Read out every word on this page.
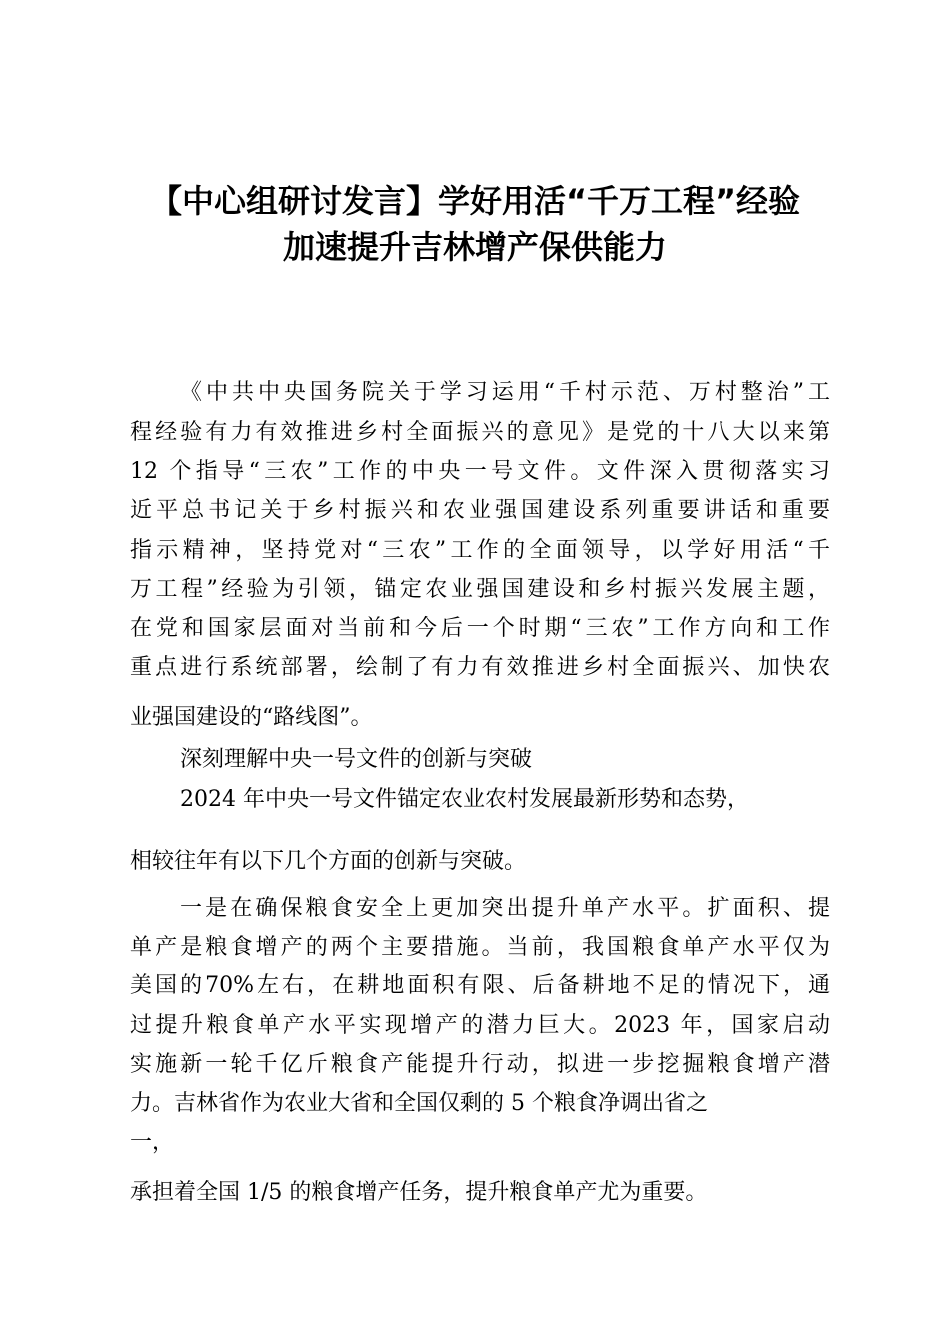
【中心组研讨发言】学好用活“千万工程”经验
加速提升吉林增产保供能力
《中共中央国务院关于学习运用“千村示范、万村整治”工
程经验有力有效推进乡村全面振兴的意见》是党的十八大以来第
12 个指导“三农”工作的中央一号文件。文件深入贯彻落实习
近平总书记关于乡村振兴和农业强国建设系列重要讲话和重要
指示精神，坚持党对“三农”工作的全面领导，以学好用活“千
万工程”经验为引领，锚定农业强国建设和乡村振兴发展主题，
在党和国家层面对当前和今后一个时期“三农”工作方向和工作
重点进行系统部署，绘制了有力有效推进乡村全面振兴、加快农
业强国建设的“路线图”。
深刻理解中央一号文件的创新与突破
2024 年中央一号文件锚定农业农村发展最新形势和态势，
相较往年有以下几个方面的创新与突破。
一是在确保粮食安全上更加突出提升单产水平。扩面积、提
单产是粮食增产的两个主要措施。当前，我国粮食单产水平仅为
美国的70%左右，在耕地面积有限、后备耕地不足的情况下，通
过提升粮食单产水平实现增产的潜力巨大。2023 年，国家启动
实施新一轮千亿斤粮食产能提升行动，拟进一步挖掘粮食增产潜
力。吉林省作为农业大省和全国仅剩的 5 个粮食净调出省之
一，
承担着全国 1/5 的粮食增产任务，提升粮食单产尤为重要。
